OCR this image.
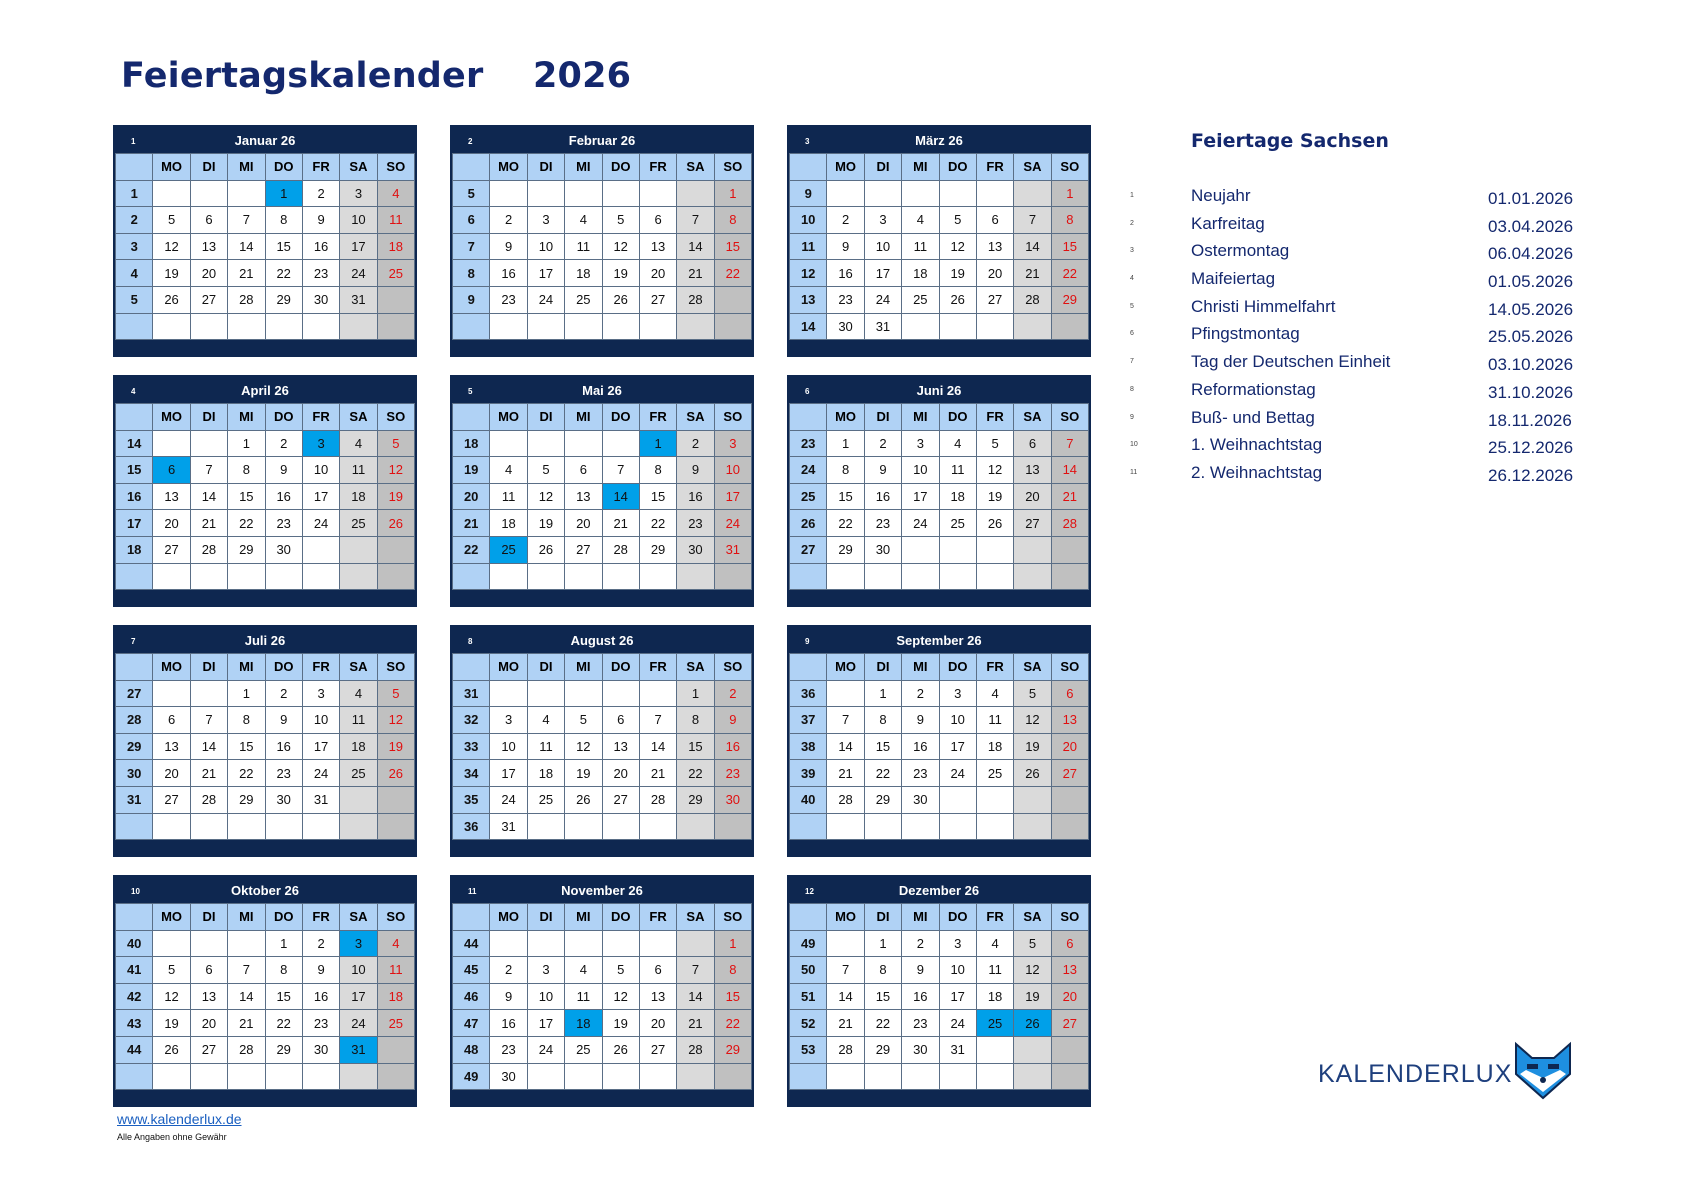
Feiertagskalender    2026
1	Januar 26
	MO	DI	MI	DO	FR	SA	SO
1				1	2	3	4
2	5	6	7	8	9	10	11
3	12	13	14	15	16	17	18
4	19	20	21	22	23	24	25
5	26	27	28	29	30	31	

2	Februar 26
	MO	DI	MI	DO	FR	SA	SO
5							1
6	2	3	4	5	6	7	8
7	9	10	11	12	13	14	15
8	16	17	18	19	20	21	22
9	23	24	25	26	27	28	

3	März 26
	MO	DI	MI	DO	FR	SA	SO
9							1
10	2	3	4	5	6	7	8
11	9	10	11	12	13	14	15
12	16	17	18	19	20	21	22
13	23	24	25	26	27	28	29
14	30	31					
4	April 26
	MO	DI	MI	DO	FR	SA	SO
14			1	2	3	4	5
15	6	7	8	9	10	11	12
16	13	14	15	16	17	18	19
17	20	21	22	23	24	25	26
18	27	28	29	30			

5	Mai 26
	MO	DI	MI	DO	FR	SA	SO
18					1	2	3
19	4	5	6	7	8	9	10
20	11	12	13	14	15	16	17
21	18	19	20	21	22	23	24
22	25	26	27	28	29	30	31

6	Juni 26
	MO	DI	MI	DO	FR	SA	SO
23	1	2	3	4	5	6	7
24	8	9	10	11	12	13	14
25	15	16	17	18	19	20	21
26	22	23	24	25	26	27	28
27	29	30					

7	Juli 26
	MO	DI	MI	DO	FR	SA	SO
27			1	2	3	4	5
28	6	7	8	9	10	11	12
29	13	14	15	16	17	18	19
30	20	21	22	23	24	25	26
31	27	28	29	30	31		

8	August 26
	MO	DI	MI	DO	FR	SA	SO
31						1	2
32	3	4	5	6	7	8	9
33	10	11	12	13	14	15	16
34	17	18	19	20	21	22	23
35	24	25	26	27	28	29	30
36	31						
9	September 26
	MO	DI	MI	DO	FR	SA	SO
36		1	2	3	4	5	6
37	7	8	9	10	11	12	13
38	14	15	16	17	18	19	20
39	21	22	23	24	25	26	27
40	28	29	30				

10	Oktober 26
	MO	DI	MI	DO	FR	SA	SO
40				1	2	3	4
41	5	6	7	8	9	10	11
42	12	13	14	15	16	17	18
43	19	20	21	22	23	24	25
44	26	27	28	29	30	31	

11	November 26
	MO	DI	MI	DO	FR	SA	SO
44							1
45	2	3	4	5	6	7	8
46	9	10	11	12	13	14	15
47	16	17	18	19	20	21	22
48	23	24	25	26	27	28	29
49	30						
12	Dezember 26
	MO	DI	MI	DO	FR	SA	SO
49		1	2	3	4	5	6
50	7	8	9	10	11	12	13
51	14	15	16	17	18	19	20
52	21	22	23	24	25	26	27
53	28	29	30	31			

Feiertage Sachsen
1	Neujahr	01.01.2026
2	Karfreitag	03.04.2026
3	Ostermontag	06.04.2026
4	Maifeiertag	01.05.2026
5	Christi Himmelfahrt	14.05.2026
6	Pfingstmontag	25.05.2026
7	Tag der Deutschen Einheit	03.10.2026
8	Reformationstag	31.10.2026
9	Buß- und Bettag	18.11.2026
10	1. Weihnachtstag	25.12.2026
11	2. Weihnachtstag	26.12.2026
www.kalenderlux.de
Alle Angaben ohne Gewähr
KALENDERLUX
